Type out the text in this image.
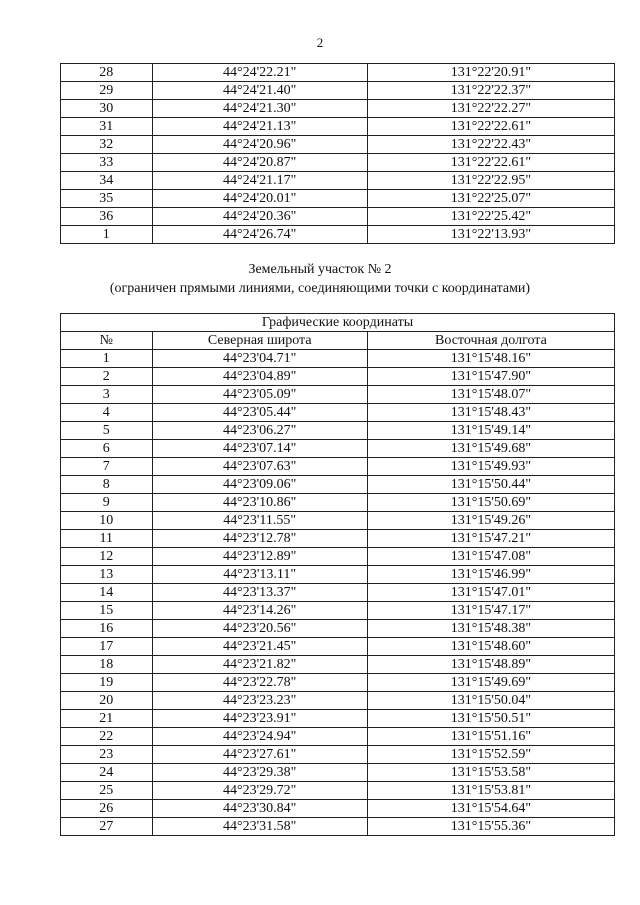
2
28	44°24'22.21"	131°22'20.91"
29	44°24'21.40"	131°22'22.37"
30	44°24'21.30"	131°22'22.27"
31	44°24'21.13"	131°22'22.61"
32	44°24'20.96"	131°22'22.43"
33	44°24'20.87"	131°22'22.61"
34	44°24'21.17"	131°22'22.95"
35	44°24'20.01"	131°22'25.07"
36	44°24'20.36"	131°22'25.42"
1	44°24'26.74"	131°22'13.93"
Земельный участок № 2
(ограничен прямыми линиями, соединяющими точки с координатами)
Графические координаты		
№	Северная широта	Восточная долгота
1	44°23'04.71"	131°15'48.16"
2	44°23'04.89"	131°15'47.90"
3	44°23'05.09"	131°15'48.07"
4	44°23'05.44"	131°15'48.43"
5	44°23'06.27"	131°15'49.14"
6	44°23'07.14"	131°15'49.68"
7	44°23'07.63"	131°15'49.93"
8	44°23'09.06"	131°15'50.44"
9	44°23'10.86"	131°15'50.69"
10	44°23'11.55"	131°15'49.26"
11	44°23'12.78"	131°15'47.21"
12	44°23'12.89"	131°15'47.08"
13	44°23'13.11"	131°15'46.99"
14	44°23'13.37"	131°15'47.01"
15	44°23'14.26"	131°15'47.17"
16	44°23'20.56"	131°15'48.38"
17	44°23'21.45"	131°15'48.60"
18	44°23'21.82"	131°15'48.89"
19	44°23'22.78"	131°15'49.69"
20	44°23'23.23"	131°15'50.04"
21	44°23'23.91"	131°15'50.51"
22	44°23'24.94"	131°15'51.16"
23	44°23'27.61"	131°15'52.59"
24	44°23'29.38"	131°15'53.58"
25	44°23'29.72"	131°15'53.81"
26	44°23'30.84"	131°15'54.64"
27	44°23'31.58"	131°15'55.36"
